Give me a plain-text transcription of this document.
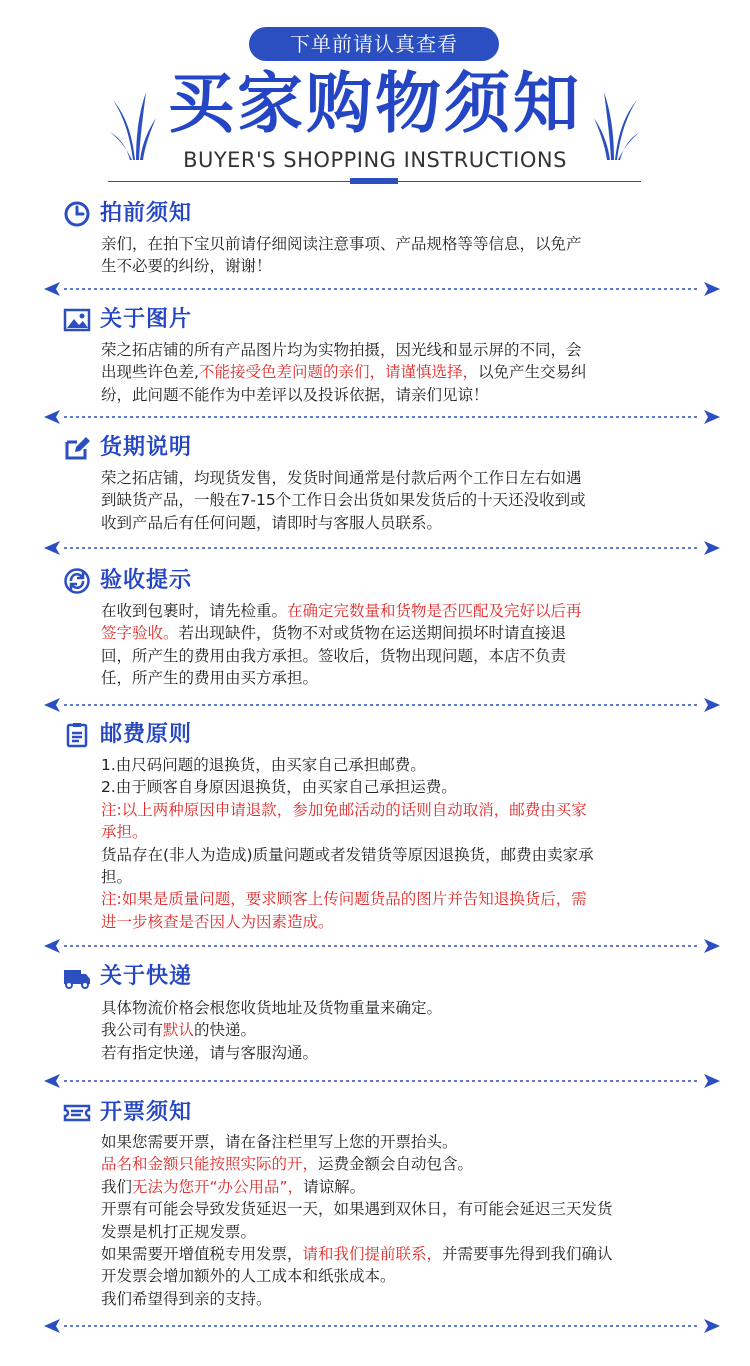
下单前请认真查看
买家购物须知
BUYER'S SHOPPING INSTRUCTIONS
拍前须知

亲们，在拍下宝贝前请仔细阅读注意事项、产品规格等等信息，以免产

生不必要的纠纷，谢谢！

关于图片

荣之拓店铺的所有产品图片均为实物拍摄，因光线和显示屏的不同，会

出现些许色差,不能接受色差问题的亲们，请谨慎选择，以免产生交易纠

纷，此问题不能作为中差评以及投诉依据，请亲们见谅！

货期说明

荣之拓店铺，均现货发售，发货时间通常是付款后两个工作日左右如遇

到缺货产品，一般在7-15个工作日会出货如果发货后的十天还没收到或

收到产品后有任何问题，请即时与客服人员联系。

验收提示

在收到包裹时，请先检重。在确定完数量和货物是否匹配及完好以后再

签字验收。若出现缺件，货物不对或货物在运送期间损坏时请直接退

回，所产生的费用由我方承担。签收后，货物出现问题，本店不负责

任，所产生的费用由买方承担。

邮费原则

1.由尺码问题的退换货，由买家自己承担邮费。

2.由于顾客自身原因退换货，由买家自己承担运费。

注:以上两种原因申请退款，参加免邮活动的话则自动取消，邮费由买家

承担。

货品存在(非人为造成)质量问题或者发错货等原因退换货，邮费由卖家承

担。

注:如果是质量问题，要求顾客上传问题货品的图片并告知退换货后，需

进一步核查是否因人为因素造成。

关于快递

具体物流价格会根您收货地址及货物重量来确定。

我公司有默认的快递。

若有指定快递，请与客服沟通。

开票须知

如果您需要开票，请在备注栏里写上您的开票抬头。

品名和金额只能按照实际的开，运费金额会自动包含。

我们无法为您开“办公用品”，请谅解。

开票有可能会导致发货延迟一天，如果遇到双休日，有可能会延迟三天发货

发票是机打正规发票。

如果需要开增值税专用发票，请和我们提前联系，并需要事先得到我们确认

开发票会增加额外的人工成本和纸张成本。

我们希望得到亲的支持。
